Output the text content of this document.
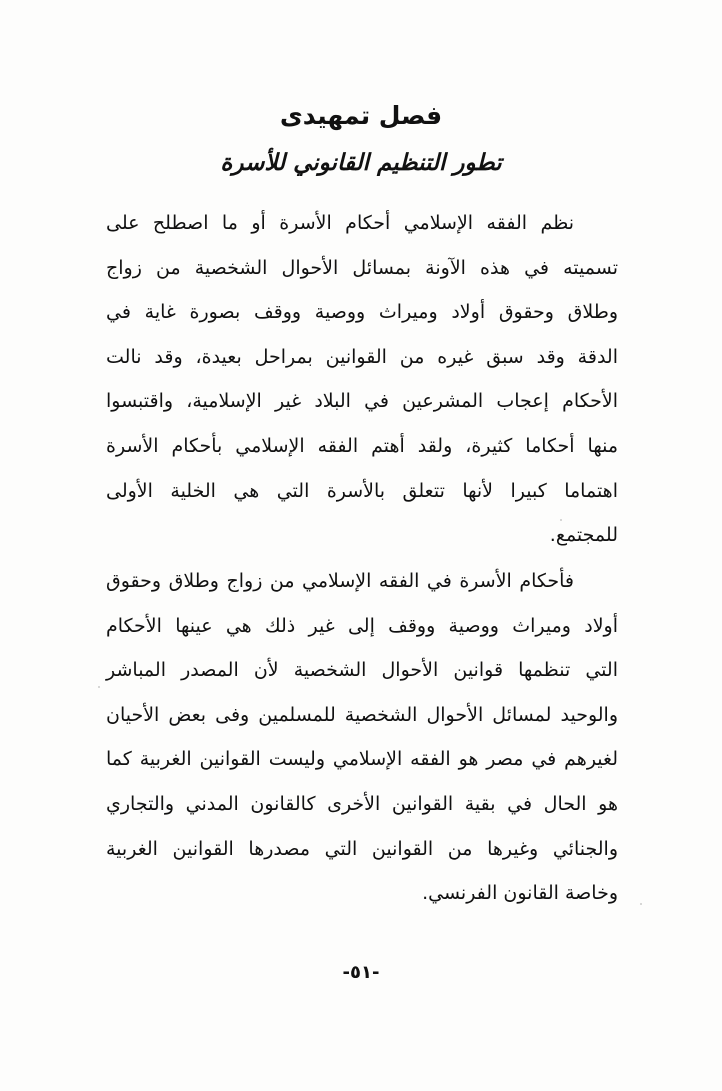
فصل تمهيدى
تطور التنظيم القانوني للأسرة
نظم الفقه الإسلامي أحكام الأسرة أو ما اصطلح على
تسميته في هذه الآونة بمسائل الأحوال الشخصية من زواج
وطلاق وحقوق أولاد وميراث ووصية ووقف بصورة غاية في
الدقة وقد سبق غيره من القوانين بمراحل بعيدة، وقد نالت
الأحكام إعجاب المشرعين في البلاد غير الإسلامية، واقتبسوا
منها أحكاما كثيرة، ولقد أهتم الفقه الإسلامي بأحكام الأسرة
اهتماما كبيرا لأنها تتعلق بالأسرة التي هي الخلية الأولى
للمجتمع.
فأحكام الأسرة في الفقه الإسلامي من زواج وطلاق وحقوق
أولاد وميراث ووصية ووقف إلى غير ذلك هي عينها الأحكام
التي تنظمها قوانين الأحوال الشخصية لأن المصدر المباشر
والوحيد لمسائل الأحوال الشخصية للمسلمين وفى بعض الأحيان
لغيرهم في مصر هو الفقه الإسلامي وليست القوانين الغربية كما
هو الحال في بقية القوانين الأخرى كالقانون المدني والتجاري
والجنائي وغيرها من القوانين التي مصدرها القوانين الغربية
وخاصة القانون الفرنسي.
-٥١-
